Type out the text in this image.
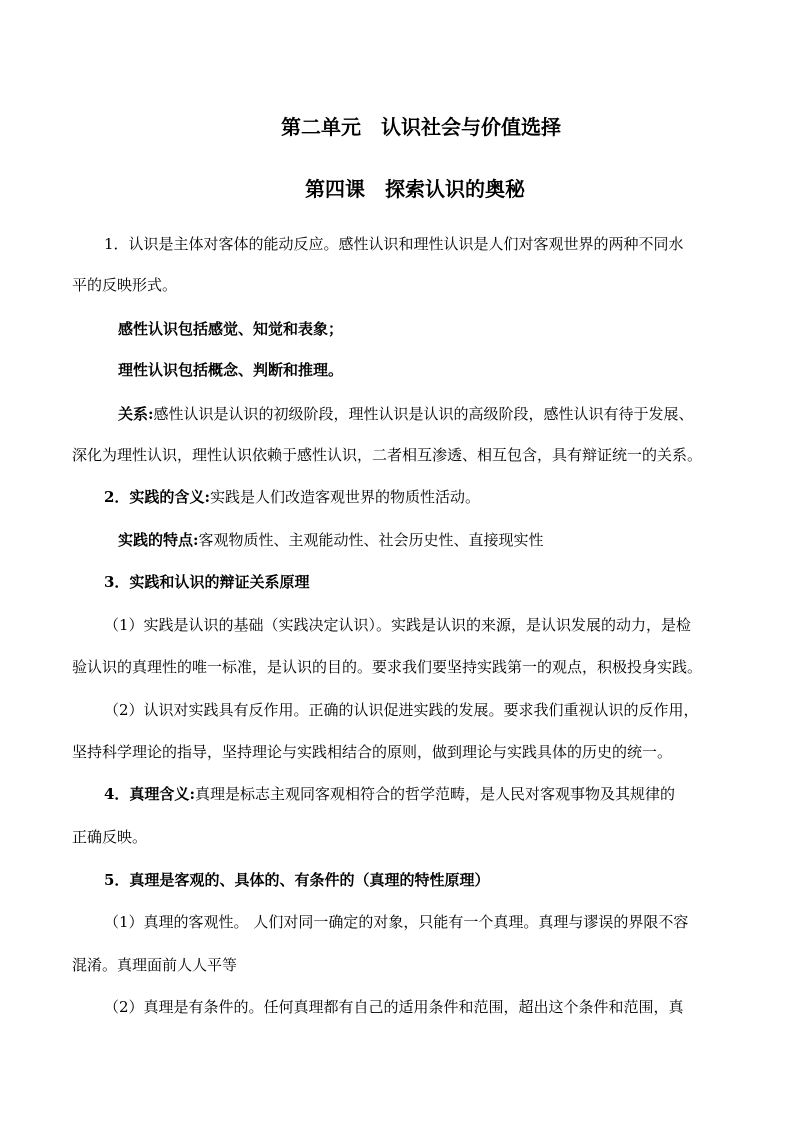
第二单元　认识社会与价值选择
第四课　探索认识的奥秘
1．认识是主体对客体的能动反应。感性认识和理性认识是人们对客观世界的两种不同水
平的反映形式。
感性认识包括感觉、知觉和表象；
理性认识包括概念、判断和推理。
关系:感性认识是认识的初级阶段，理性认识是认识的高级阶段，感性认识有待于发展、
深化为理性认识，理性认识依赖于感性认识，二者相互渗透、相互包含，具有辩证统一的关系。
2．实践的含义:实践是人们改造客观世界的物质性活动。
实践的特点:客观物质性、主观能动性、社会历史性、直接现实性
3．实践和认识的辩证关系原理
（1）实践是认识的基础（实践决定认识）。实践是认识的来源，是认识发展的动力，是检
验认识的真理性的唯一标准，是认识的目的。要求我们要坚持实践第一的观点，积极投身实践。
（2）认识对实践具有反作用。正确的认识促进实践的发展。要求我们重视认识的反作用，
坚持科学理论的指导，坚持理论与实践相结合的原则，做到理论与实践具体的历史的统一。
4．真理含义:真理是标志主观同客观相符合的哲学范畴，是人民对客观事物及其规律的
正确反映。
5．真理是客观的、具体的、有条件的（真理的特性原理）
（1）真理的客观性。 人们对同一确定的对象，只能有一个真理。真理与谬误的界限不容
混淆。真理面前人人平等
（2）真理是有条件的。任何真理都有自己的适用条件和范围，超出这个条件和范围，真
